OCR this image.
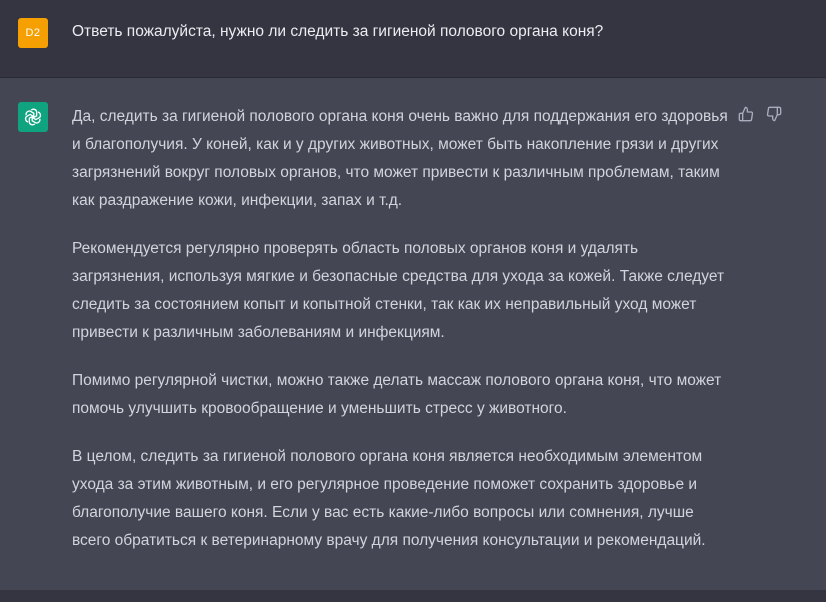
D2	Ответь пожалуйста, нужно ли следить за гигиеной полового органа коня?

Да, следить за гигиеной полового органа коня очень важно для поддержания его здоровья и благополучия. У коней, как и у других животных, может быть накопление грязи и других загрязнений вокруг половых органов, что может привести к различным проблемам, таким как раздражение кожи, инфекции, запах и т.д.

Рекомендуется регулярно проверять область половых органов коня и удалять загрязнения, используя мягкие и безопасные средства для ухода за кожей. Также следует следить за состоянием копыт и копытной стенки, так как их неправильный уход может привести к различным заболеваниям и инфекциям.

Помимо регулярной чистки, можно также делать массаж полового органа коня, что может помочь улучшить кровообращение и уменьшить стресс у животного.

В целом, следить за гигиеной полового органа коня является необходимым элементом ухода за этим животным, и его регулярное проведение поможет сохранить здоровье и благополучие вашего коня. Если у вас есть какие-либо вопросы или сомнения, лучше всего обратиться к ветеринарному врачу для получения консультации и рекомендаций.
